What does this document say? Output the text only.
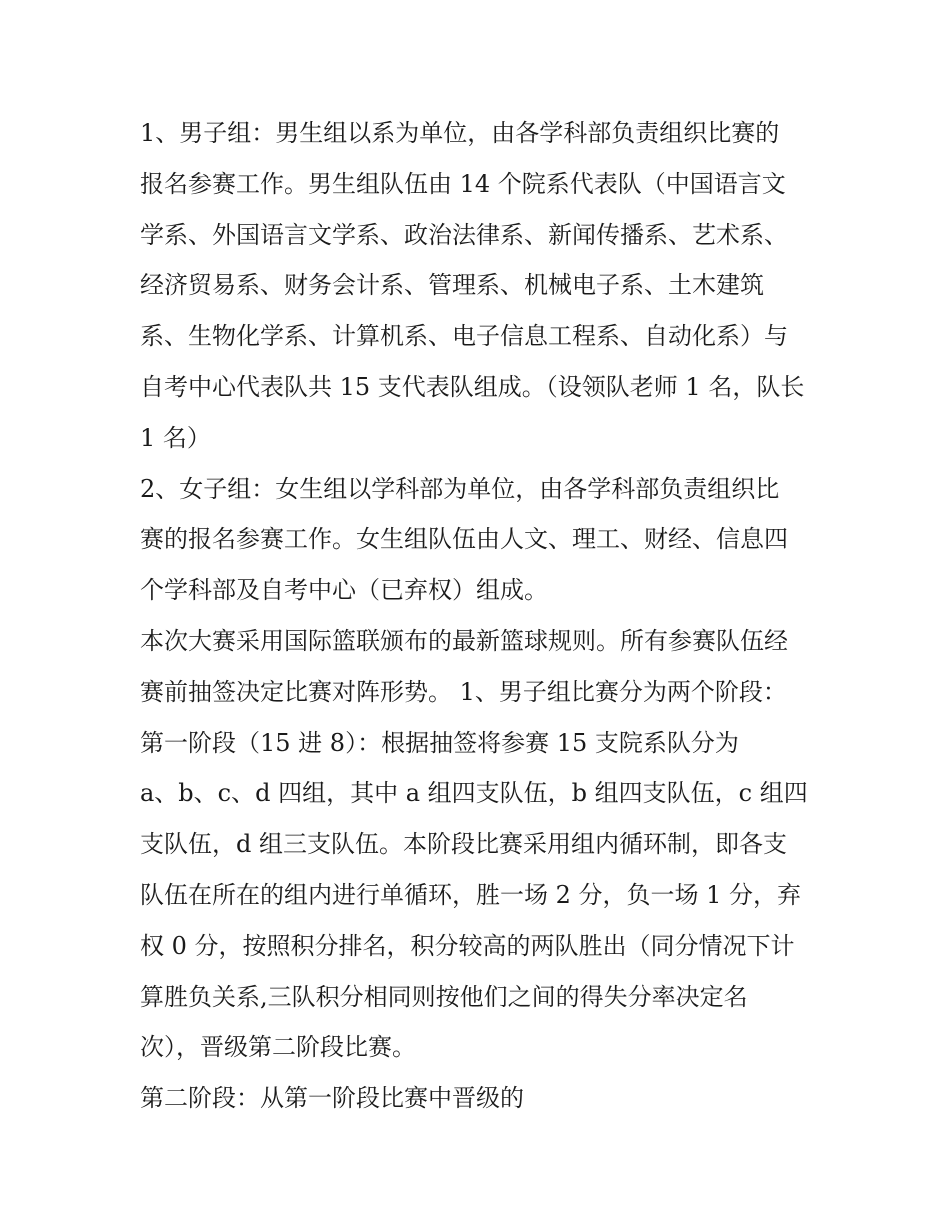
1、男子组：男生组以系为单位，由各学科部负责组织比赛的
报名参赛工作。男生组队伍由 14 个院系代表队（中国语言文
学系、外国语言文学系、政治法律系、新闻传播系、艺术系、
经济贸易系、财务会计系、管理系、机械电子系、土木建筑
系、生物化学系、计算机系、电子信息工程系、自动化系）与
自考中心代表队共 15 支代表队组成。（设领队老师 1 名，队长
1 名）
2、女子组：女生组以学科部为单位，由各学科部负责组织比
赛的报名参赛工作。女生组队伍由人文、理工、财经、信息四
个学科部及自考中心（已弃权）组成。
本次大赛采用国际篮联颁布的最新篮球规则。所有参赛队伍经
赛前抽签决定比赛对阵形势。 1、男子组比赛分为两个阶段：
第一阶段（15 进 8）：根据抽签将参赛 15 支院系队分为
a、b、c、d 四组，其中 a 组四支队伍，b 组四支队伍，c 组四
支队伍，d 组三支队伍。本阶段比赛采用组内循环制，即各支
队伍在所在的组内进行单循环，胜一场 2 分，负一场 1 分，弃
权 0 分，按照积分排名，积分较高的两队胜出（同分情况下计
算胜负关系,三队积分相同则按他们之间的得失分率决定名
次），晋级第二阶段比赛。
第二阶段：从第一阶段比赛中晋级的
